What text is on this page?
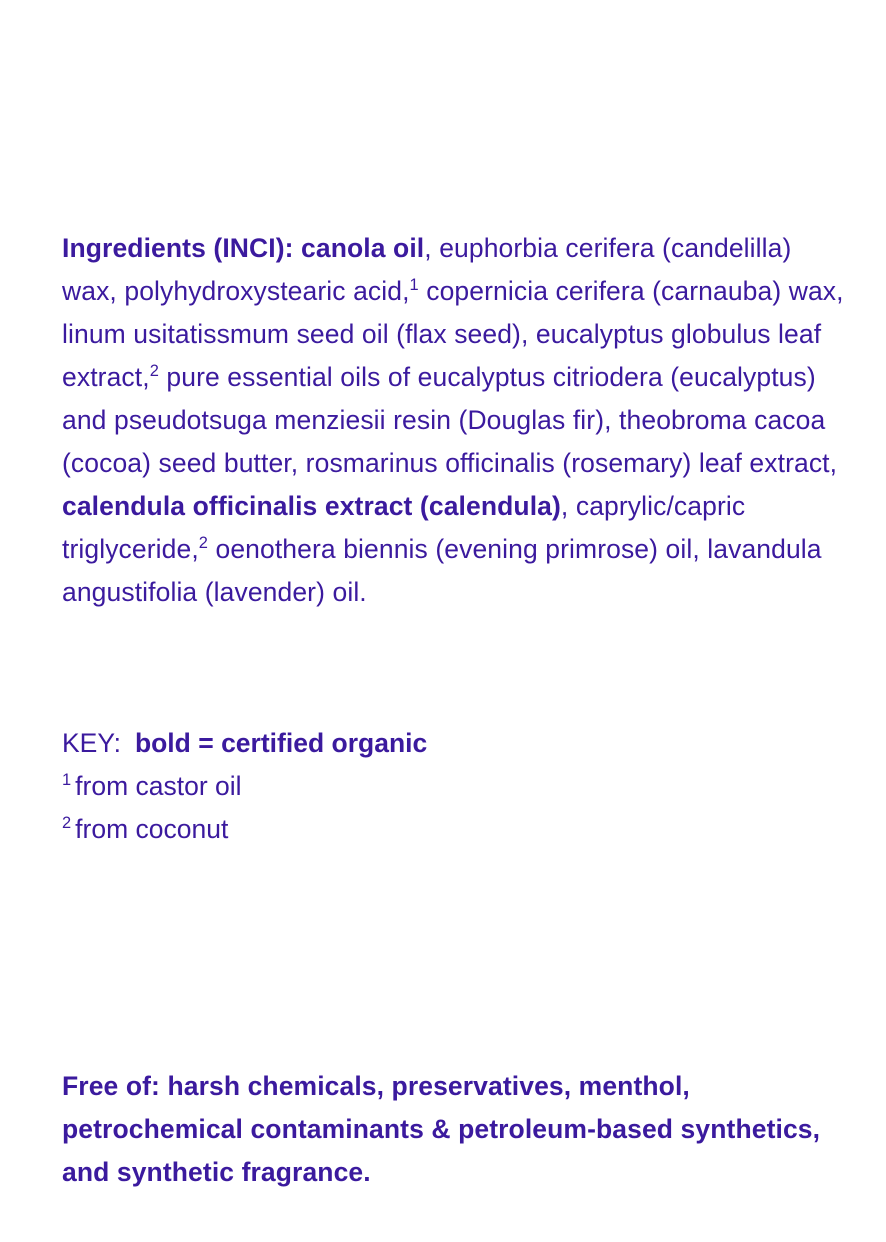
Ingredients (INCI): canola oil, euphorbia cerifera (candelilla) wax, polyhydroxystearic acid,$^1$ copernicia cerifera (carnauba) wax, linum usitatissmum seed oil (flax seed), eucalyptus globulus leaf extract,$^2$ pure essential oils of eucalyptus citriodera (eucalyptus) and pseudotsuga menziesii resin (Douglas fir), theobroma cacoa (cocoa) seed butter, rosmarinus officinalis (rosemary) leaf extract, calendula officinalis extract (calendula), caprylic/capric triglyceride,$^2$ oenothera biennis (evening primrose) oil, lavandula angustifolia (lavender) oil.

KEY: bold = certified organic
$^1$ from castor oil
$^2$ from coconut

Free of: harsh chemicals, preservatives, menthol, petrochemical contaminants & petroleum-based synthetics, and synthetic fragrance.
